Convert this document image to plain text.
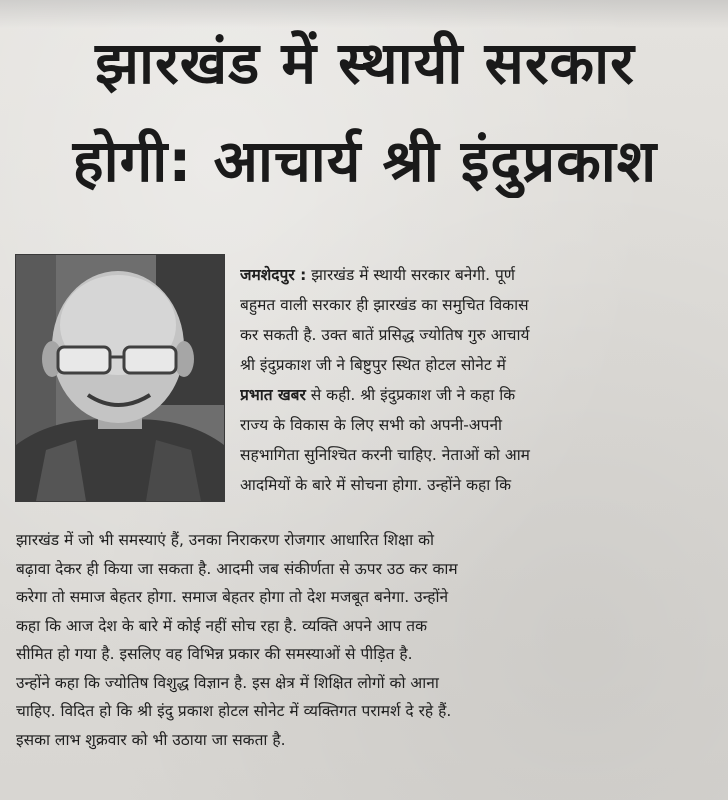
झारखंड में स्थायी सरकार
होगी: आचार्य श्री इंदुप्रकाश
जमशेदपुर : झारखंड में स्थायी सरकार बनेगी. पूर्ण
बहुमत वाली सरकार ही झारखंड का समुचित विकास
कर सकती है. उक्त बातें प्रसिद्ध ज्योतिष गुरु आचार्य
श्री इंदुप्रकाश जी ने बिष्टुपुर स्थित होटल सोनेट में
प्रभात खबर से कही. श्री इंदुप्रकाश जी ने कहा कि
राज्य के विकास के लिए सभी को अपनी-अपनी
सहभागिता सुनिश्चित करनी चाहिए. नेताओं को आम
आदमियों के बारे में सोचना होगा. उन्होंने कहा कि
झारखंड में जो भी समस्याएं हैं, उनका निराकरण रोजगार आधारित शिक्षा को
बढ़ावा देकर ही किया जा सकता है. आदमी जब संकीर्णता से ऊपर उठ कर काम
करेगा तो समाज बेहतर होगा. समाज बेहतर होगा तो देश मजबूत बनेगा. उन्होंने
कहा कि आज देश के बारे में कोई नहीं सोच रहा है. व्यक्ति अपने आप तक
सीमित हो गया है. इसलिए वह विभिन्न प्रकार की समस्याओं से पीड़ित है.
उन्होंने कहा कि ज्योतिष विशुद्ध विज्ञान है. इस क्षेत्र में शिक्षित लोगों को आना
चाहिए. विदित हो कि श्री इंदु प्रकाश होटल सोनेट में व्यक्तिगत परामर्श दे रहे हैं.
इसका लाभ शुक्रवार को भी उठाया जा सकता है.
